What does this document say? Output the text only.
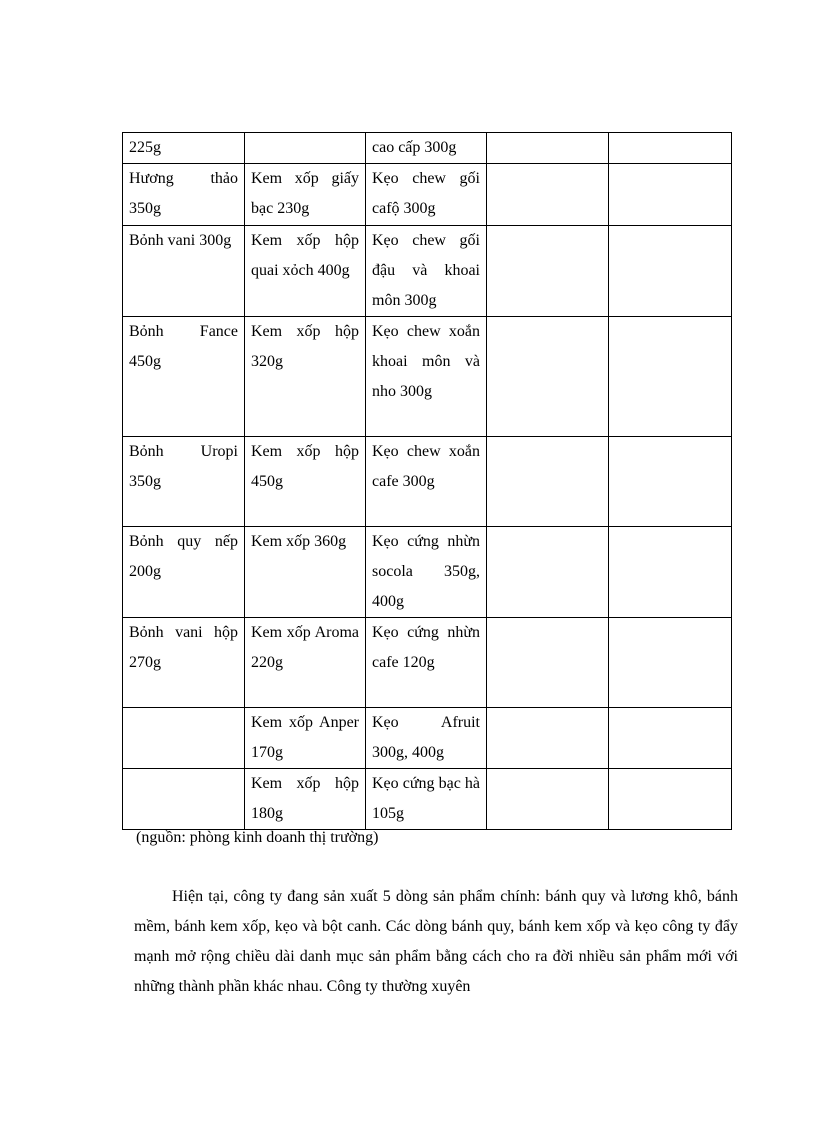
225g		cao cấp 300g		
Hương thảo 350g	Kem xốp giấy bạc 230g	Kẹo chew gối cafộ 300g		
Bỏnh vani 300g	Kem xốp hộp quai xỏch 400g	Kẹo chew gối đậu và khoai môn 300g		
Bỏnh Fance 450g	Kem xốp hộp 320g	Kẹo chew xoắn khoai môn và nho 300g		
Bỏnh Uropi 350g	Kem xốp hộp 450g	Kẹo chew xoắn cafe 300g		
Bỏnh quy nếp 200g	Kem xốp 360g	Kẹo cứng nhừn socola 350g, 400g		
Bỏnh vani hộp 270g	Kem xốp Aroma 220g	Kẹo cứng nhừn cafe 120g		
	Kem xốp Anper 170g	Kẹo Afruit 300g, 400g		
	Kem xốp hộp 180g	Kẹo cứng bạc hà 105g		
(nguồn: phòng kinh doanh thị trường)

Hiện tại, công ty đang sản xuất 5 dòng sản phẩm chính: bánh quy và lương khô, bánh mềm, bánh kem xốp, kẹo và bột canh. Các dòng bánh quy, bánh kem xốp và kẹo công ty đẩy mạnh mở rộng chiều dài danh mục sản phẩm bằng cách cho ra đời nhiều sản phẩm mới với những thành phần khác nhau. Công ty thường xuyên
